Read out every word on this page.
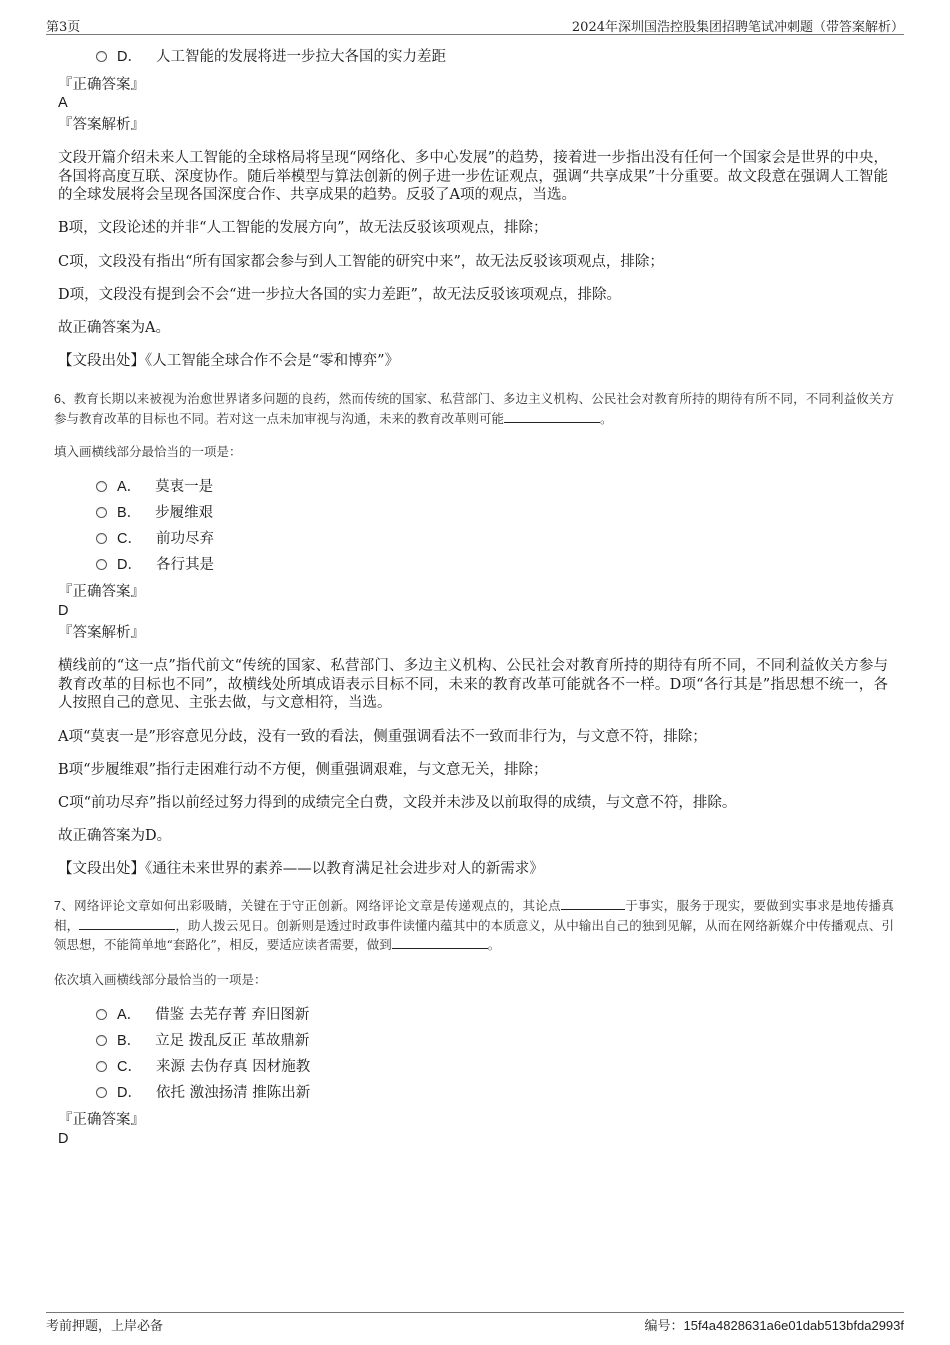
第3页	2024年深圳国浩控股集团招聘笔试冲刺题（带答案解析）
D． 人工智能的发展将进一步拉大各国的实力差距
『正确答案』
A
『答案解析』

文段开篇介绍未来人工智能的全球格局将呈现“网络化、多中心发展”的趋势，接着进一步指出没有任何一个国家会是世界的中央，各国将高度互联、深度协作。随后举模型与算法创新的例子进一步佐证观点，强调“共享成果”十分重要。故文段意在强调人工智能的全球发展将会呈现各国深度合作、共享成果的趋势。反驳了A项的观点，当选。

B项，文段论述的并非“人工智能的发展方向”，故无法反驳该项观点，排除；

C项，文段没有指出“所有国家都会参与到人工智能的研究中来”，故无法反驳该项观点，排除；

D项，文段没有提到会不会“进一步拉大各国的实力差距”，故无法反驳该项观点，排除。

故正确答案为A。

【文段出处】《人工智能全球合作不会是“零和博弈”》

6、教育长期以来被视为治愈世界诸多问题的良药，然而传统的国家、私营部门、多边主义机构、公民社会对教育所持的期待有所不同，不同利益攸关方参与教育改革的目标也不同。若对这一点未加审视与沟通，未来的教育改革则可能	。

填入画横线部分最恰当的一项是：
A． 莫衷一是
B． 步履维艰
C． 前功尽弃
D． 各行其是
『正确答案』
D
『答案解析』

横线前的“这一点”指代前文“传统的国家、私营部门、多边主义机构、公民社会对教育所持的期待有所不同，不同利益攸关方参与教育改革的目标也不同”，故横线处所填成语表示目标不同，未来的教育改革可能就各不一样。D项“各行其是”指思想不统一，各人按照自己的意见、主张去做，与文意相符，当选。

A项“莫衷一是”形容意见分歧，没有一致的看法，侧重强调看法不一致而非行为，与文意不符，排除；

B项“步履维艰”指行走困难行动不方便，侧重强调艰难，与文意无关，排除；

C项“前功尽弃”指以前经过努力得到的成绩完全白费，文段并未涉及以前取得的成绩，与文意不符，排除。

故正确答案为D。

【文段出处】《通往未来世界的素养——以教育满足社会进步对人的新需求》

7、网络评论文章如何出彩吸睛，关键在于守正创新。网络评论文章是传递观点的，其论点	于事实，服务于现实，要做到实事求是地传播真相，	，助人拨云见日。创新则是透过时政事件读懂内蕴其中的本质意义，从中输出自己的独到见解，从而在网络新媒介中传播观点、引领思想，不能简单地“套路化”，相反，要适应读者需要，做到	。

依次填入画横线部分最恰当的一项是：
A． 借鉴 去芜存菁 弃旧图新
B． 立足 拨乱反正 革故鼎新
C． 来源 去伪存真 因材施教
D． 依托 激浊扬清 推陈出新
『正确答案』
D
考前押题，上岸必备	编号：15f4a4828631a6e01dab513bfda2993f
